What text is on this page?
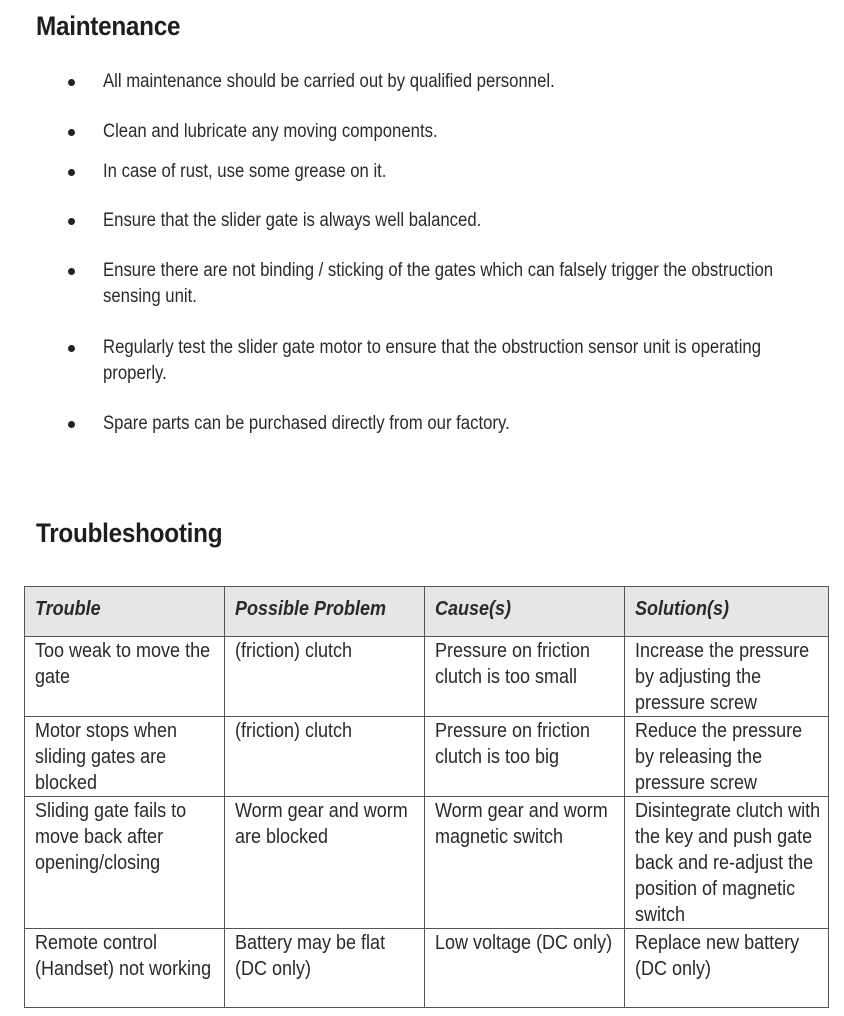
Maintenance
All maintenance should be carried out by qualified personnel.
Clean and lubricate any moving components.
In case of rust, use some grease on it.
Ensure that the slider gate is always well balanced.
Ensure there are not binding / sticking of the gates which can falsely trigger the obstruction sensing unit.
Regularly test the slider gate motor to ensure that the obstruction sensor unit is operating properly.
Spare parts can be purchased directly from our factory.
Troubleshooting
Trouble	Possible Problem	Cause(s)	Solution(s)

Too weak to move the gate	(friction) clutch	Pressure on friction clutch is too small	Increase the pressure by adjusting the pressure screw

Motor stops when sliding gates are blocked	(friction) clutch	Pressure on friction clutch is too big	Reduce the pressure by releasing the pressure screw

Sliding gate fails to move back after opening/closing	Worm gear and worm are blocked	Worm gear and worm magnetic switch	Disintegrate clutch with the key and push gate back and re-adjust the position of magnetic switch

Remote control (Handset) not working	Battery may be flat (DC only)	Low voltage (DC only)	Replace new battery (DC only)
